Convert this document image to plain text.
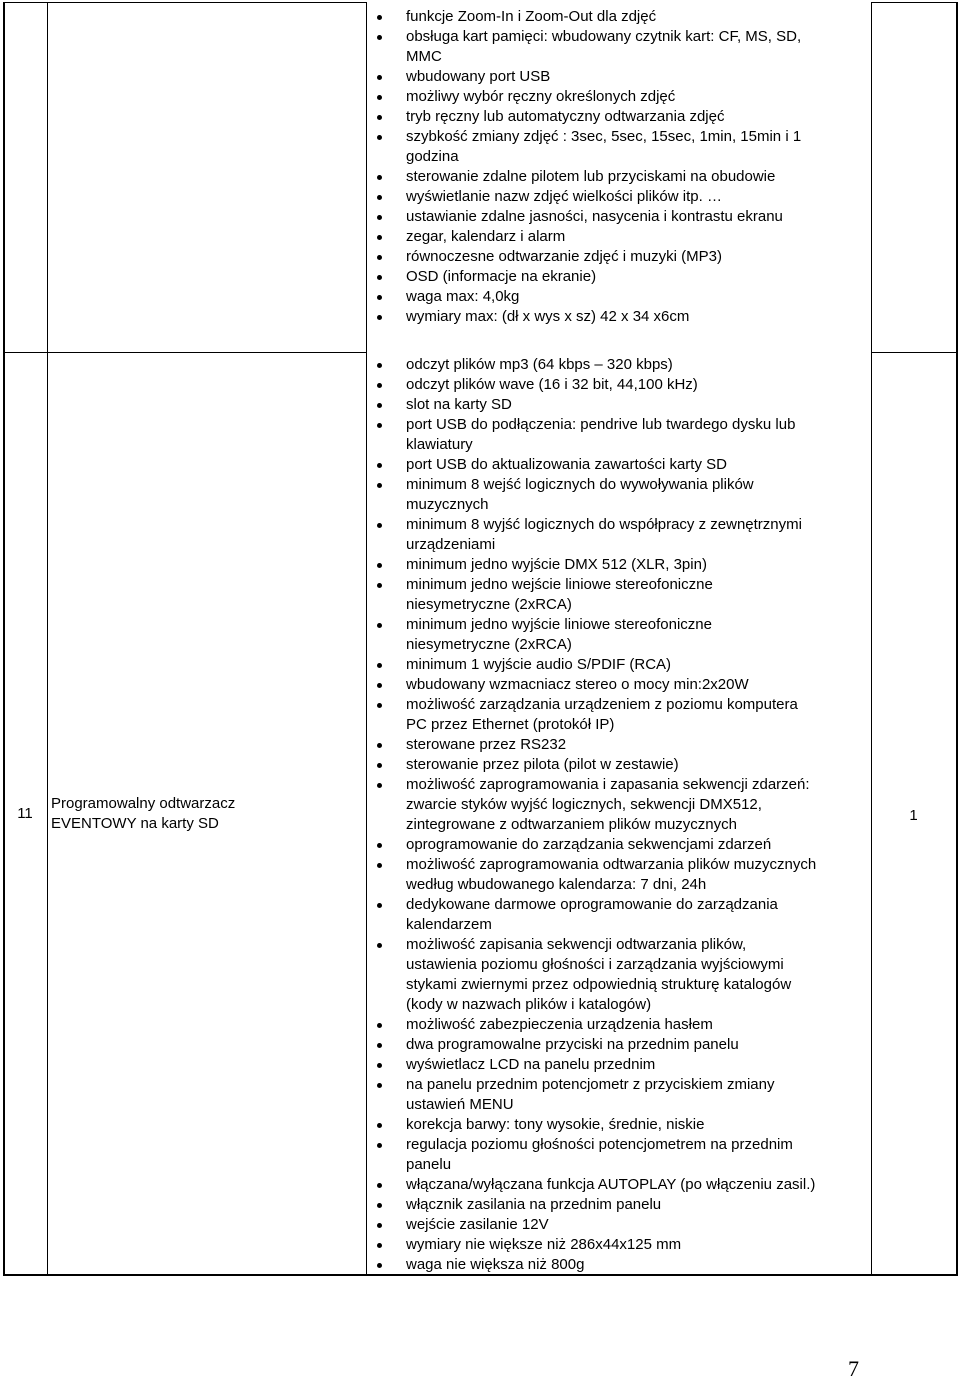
11
Programowalny odtwarzacz
EVENTOWY na karty SD	1
funkcje Zoom-In i Zoom-Out dla zdjęć
obsługa kart pamięci: wbudowany czytnik kart: CF, MS, SD,
MMC
wbudowany port USB
możliwy wybór ręczny określonych zdjęć
tryb ręczny lub automatyczny odtwarzania zdjęć
szybkość zmiany zdjęć : 3sec, 5sec, 15sec, 1min, 15min i 1
godzina
sterowanie zdalne pilotem lub przyciskami na obudowie
wyświetlanie nazw zdjęć wielkości plików itp. …
ustawianie zdalne jasności, nasycenia i kontrastu ekranu
zegar, kalendarz i alarm
równoczesne odtwarzanie zdjęć i muzyki (MP3)
OSD (informacje na ekranie)
waga max: 4,0kg
wymiary max: (dł x wys x sz) 42 x 34 x6cm
odczyt plików mp3 (64 kbps – 320 kbps)
odczyt plików wave (16 i 32 bit, 44,100 kHz)
slot na karty SD
port USB do podłączenia: pendrive lub twardego dysku lub
klawiatury
port USB do aktualizowania zawartości karty SD
minimum 8 wejść logicznych do wywoływania plików
muzycznych
minimum 8 wyjść logicznych do współpracy z zewnętrznymi
urządzeniami
minimum jedno wyjście DMX 512 (XLR, 3pin)
minimum jedno wejście liniowe stereofoniczne
niesymetryczne (2xRCA)
minimum jedno wyjście liniowe stereofoniczne
niesymetryczne (2xRCA)
minimum 1 wyjście audio S/PDIF (RCA)
wbudowany wzmacniacz stereo o mocy min:2x20W
możliwość zarządzania urządzeniem z poziomu komputera
PC przez Ethernet (protokół IP)
sterowane przez RS232
sterowanie przez pilota (pilot w zestawie)
możliwość zaprogramowania i zapasania sekwencji zdarzeń:
zwarcie styków wyjść logicznych, sekwencji DMX512,
zintegrowane z odtwarzaniem plików muzycznych
oprogramowanie do zarządzania sekwencjami zdarzeń
możliwość zaprogramowania odtwarzania plików muzycznych
według wbudowanego kalendarza: 7 dni, 24h
dedykowane darmowe oprogramowanie do zarządzania
kalendarzem
możliwość zapisania sekwencji odtwarzania plików,
ustawienia poziomu głośności i zarządzania wyjściowymi
stykami zwiernymi przez odpowiednią strukturę katalogów
(kody w nazwach plików i katalogów)
możliwość zabezpieczenia urządzenia hasłem
dwa programowalne przyciski na przednim panelu
wyświetlacz LCD na panelu przednim
na panelu przednim potencjometr z przyciskiem zmiany
ustawień MENU
korekcja barwy: tony wysokie, średnie, niskie
regulacja poziomu głośności potencjometrem na przednim
panelu
włączana/wyłączana funkcja AUTOPLAY (po włączeniu zasil.)
włącznik zasilania na przednim panelu
wejście zasilanie 12V
wymiary nie większe niż 286x44x125 mm
waga nie większa niż 800g
7
